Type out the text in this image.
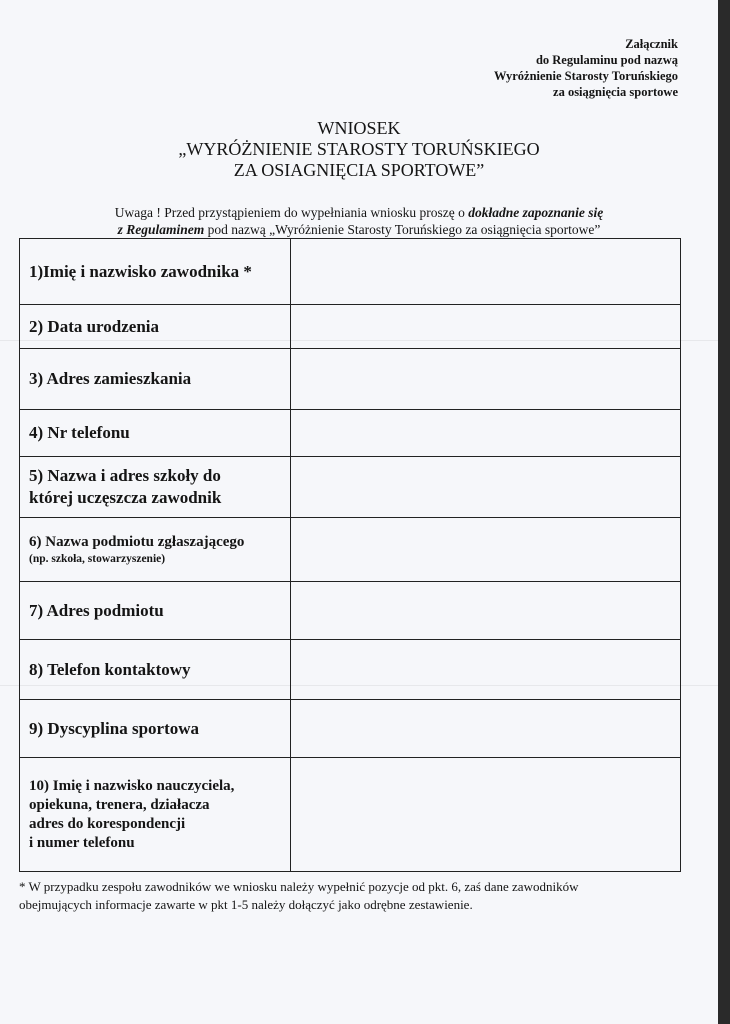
Załącznik
do Regulaminu pod nazwą
Wyróżnienie Starosty Toruńskiego
za osiągnięcia sportowe
WNIOSEK
„WYRÓŻNIENIE STAROSTY TORUŃSKIEGO
ZA OSIAGNIĘCIA SPORTOWE”
Uwaga ! Przed przystąpieniem do wypełniania wniosku proszę o dokładne zapoznanie się
z Regulaminem pod nazwą „Wyróżnienie Starosty Toruńskiego za osiągnięcia sportowe”
1)Imię i nazwisko zawodnika *	
2) Data urodzenia	
3) Adres zamieszkania	
4) Nr telefonu	

5) Nazwa i adres szkoły do
której uczęszcza zawodnik	

6) Nazwa podmiotu zgłaszającego
(np. szkoła, stowarzyszenie)	

7) Adres podmiotu	
8) Telefon kontaktowy	
9) Dyscyplina sportowa	

10) Imię i nazwisko nauczyciela,
opiekuna, trenera, działacza
adres do korespondencji
i numer telefonu	

* W przypadku zespołu zawodników we wniosku należy wypełnić pozycje od pkt. 6, zaś dane zawodników
obejmujących informacje zawarte w pkt 1-5 należy dołączyć jako odrębne zestawienie.
